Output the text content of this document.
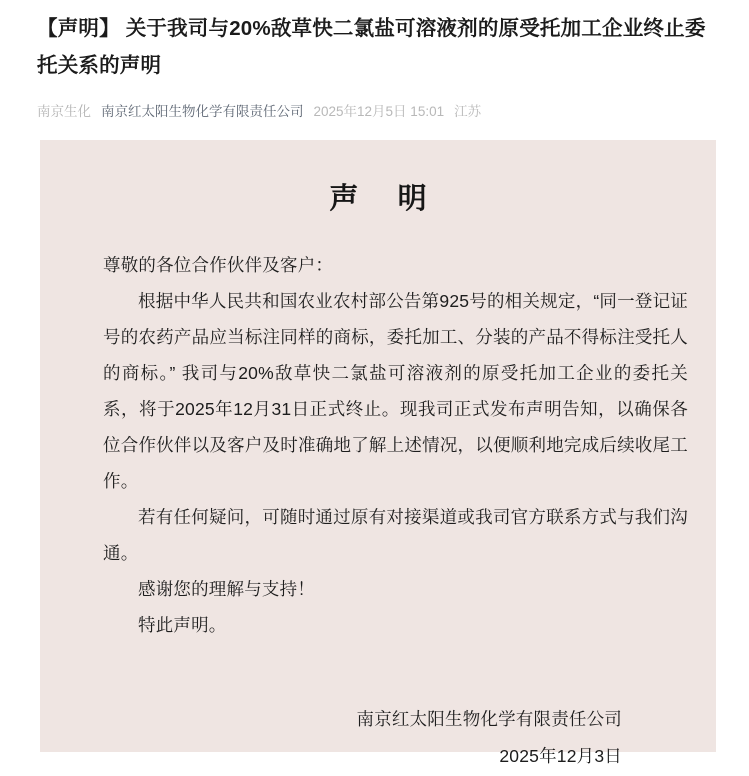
【声明】 关于我司与20%敌草快二氯盐可溶液剂的原受托加工企业终止委托关系的声明
南京生化 南京红太阳生物化学有限责任公司 2025年12月5日 15:01 江苏
声 明

尊敬的各位合作伙伴及客户：

根据中华人民共和国农业农村部公告第925号的相关规定，“同一登记证号的农药产品应当标注同样的商标，委托加工、分装的产品不得标注受托人的商标。” 我司与20%敌草快二氯盐可溶液剂的原受托加工企业的委托关系，将于2025年12月31日正式终止。现我司正式发布声明告知，以确保各位合作伙伴以及客户及时准确地了解上述情况，以便顺利地完成后续收尾工作。

若有任何疑问，可随时通过原有对接渠道或我司官方联系方式与我们沟通。

感谢您的理解与支持！

特此声明。

南京红太阳生物化学有限责任公司
2025年12月3日
